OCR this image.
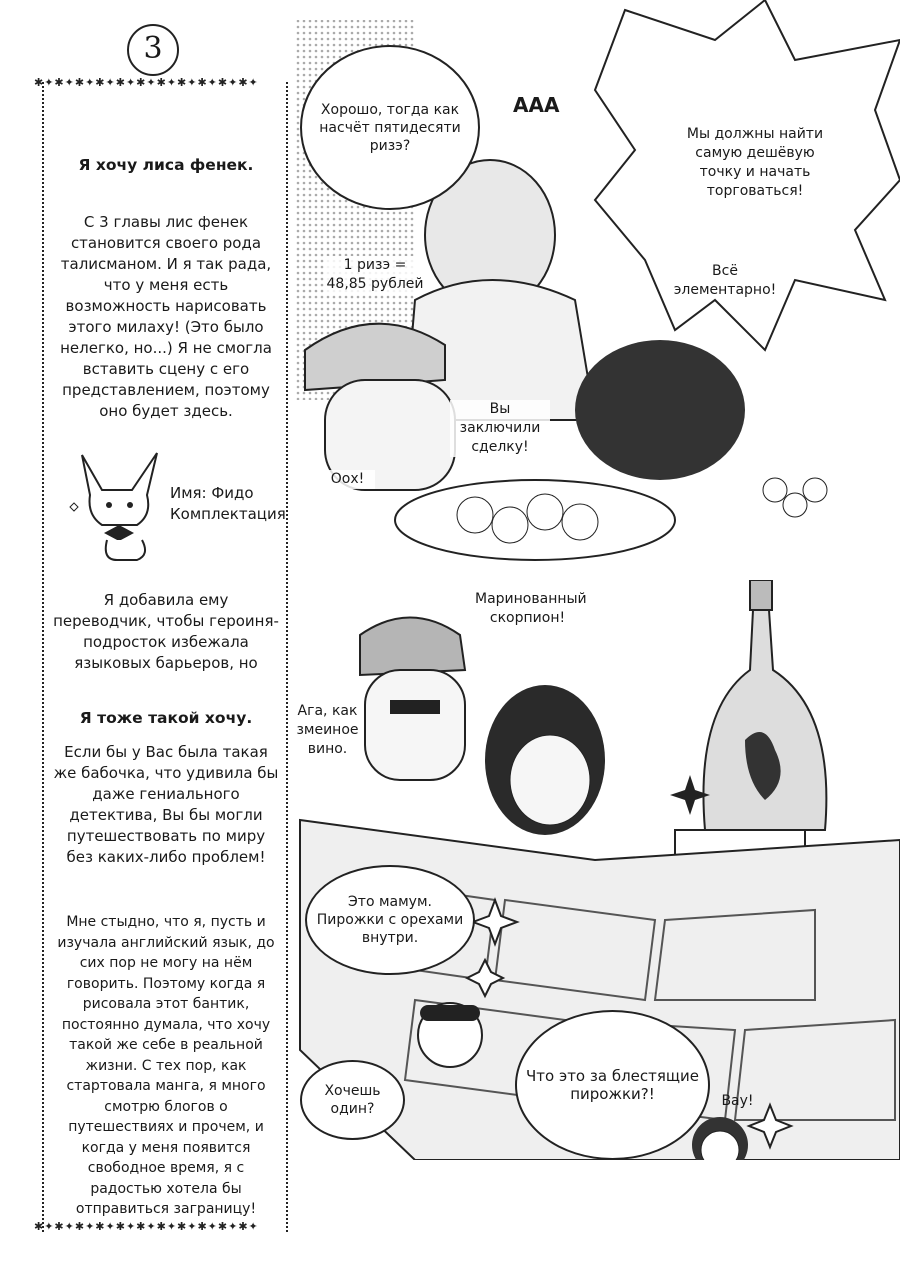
3
✱✦✱✦✱✦✱✦✱✦✱✦✱✦✱✦✱✦✱✦✱✦
✱✦✱✦✱✦✱✦✱✦✱✦✱✦✱✦✱✦✱✦✱✦
Я хочу лиса фенек.
С 3 главы лис фенек становится своего рода талисманом. И я так рада, что у меня есть возможность нарисовать этого милаху! (Это было нелегко, но...) Я не смогла вставить сцену с его представлением, поэтому оно будет здесь.
Имя: Фидо Комплектация
Я добавила ему переводчик, чтобы героиня-подросток избежала языковых барьеров, но
Я тоже такой хочу.
Если бы у Вас была такая же бабочка, что удивила бы даже гениального детектива, Вы бы могли путешествовать по миру без каких-либо проблем!
Мне стыдно, что я, пусть и изучала английский язык, до сих пор не могу на нём говорить. Поэтому когда я рисовала этот бантик, постоянно думала, что хочу такой же себе в реальной жизни. С тех пор, как стартовала манга, я много смотрю блогов о путешествиях и прочем, и когда у меня появится свободное время, я с радостью хотела бы отправиться заграницу!
Хорошо, тогда как насчёт пятидесяти ризэ?
ААА
1 ризэ = 48,85 рублей
Мы должны найти самую дешёвую точку и начать торговаться!
Всё элементарно!
Вы заключили сделку!
Оох!
Маринованный скорпион!
Ага, как змеиное вино.
Это мамум. Пирожки с орехами внутри.
Хочешь один?
Что это за блестящие пирожки?!	Вау!
